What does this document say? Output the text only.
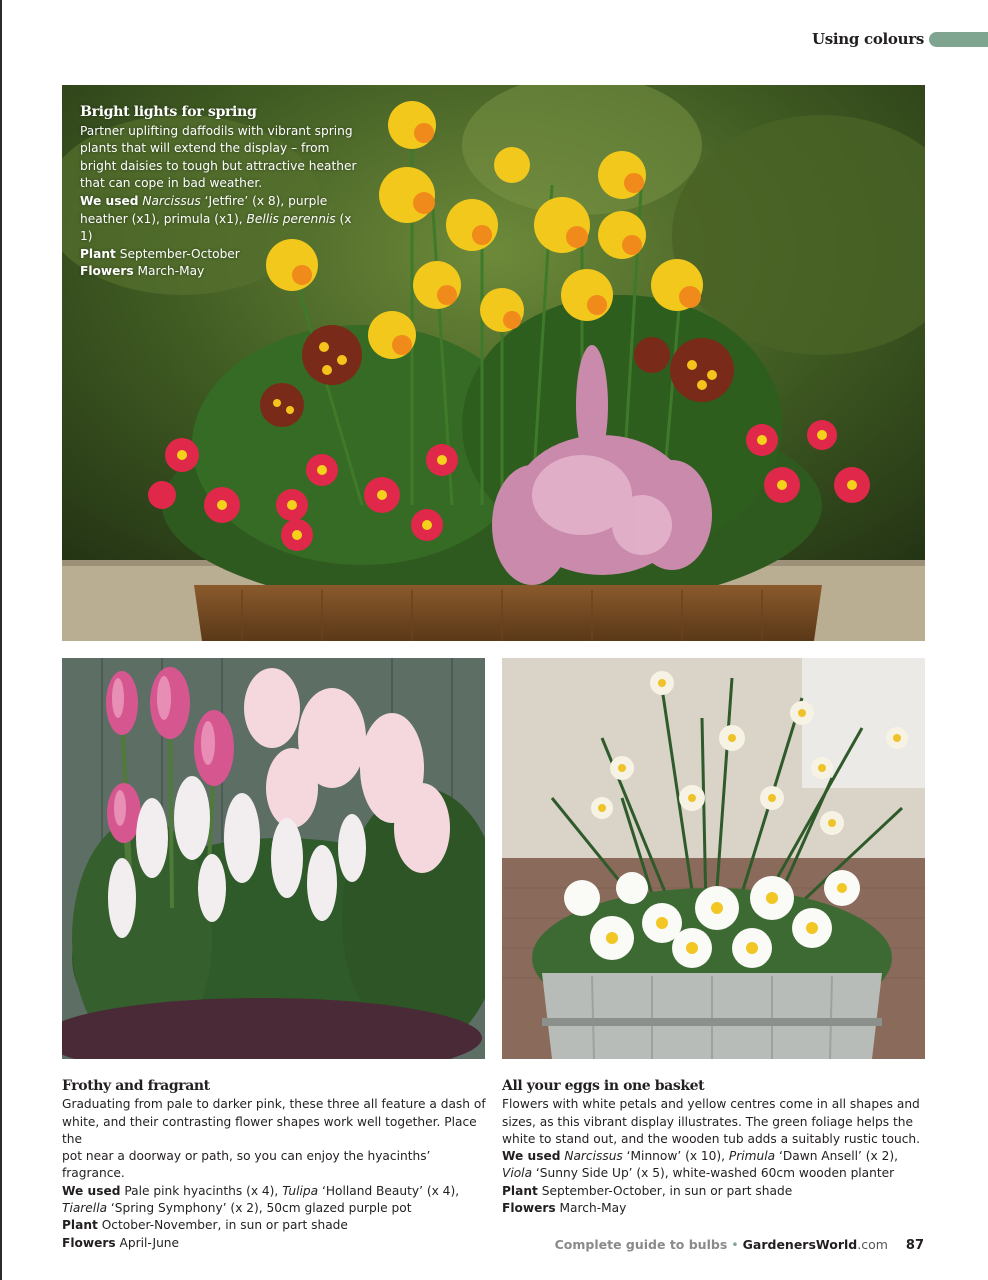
Using colours
Bright lights for spring
Partner uplifting daffodils with vibrant spring
plants that will extend the display – from
bright daisies to tough but attractive heather
that can cope in bad weather.
We used Narcissus ‘Jetfire’ (x 8), purple
heather (x1), primula (x1), Bellis perennis (x 1)
Plant September-October
Flowers March-May
Frothy and fragrant
Graduating from pale to darker pink, these three all feature a dash of
white, and their contrasting flower shapes work well together. Place the
pot near a doorway or path, so you can enjoy the hyacinths’ fragrance.
We used Pale pink hyacinths (x 4), Tulipa ‘Holland Beauty’ (x 4),
Tiarella ‘Spring Symphony’ (x 2), 50cm glazed purple pot
Plant October-November, in sun or part shade
Flowers April-June
All your eggs in one basket
Flowers with white petals and yellow centres come in all shapes and
sizes, as this vibrant display illustrates. The green foliage helps the
white to stand out, and the wooden tub adds a suitably rustic touch.
We used Narcissus ‘Minnow’ (x 10), Primula ‘Dawn Ansell’ (x 2),
Viola ‘Sunny Side Up’ (x 5), white-washed 60cm wooden planter
Plant September-October, in sun or part shade
Flowers March-May
Complete guide to bulbs • GardenersWorld.com 87
